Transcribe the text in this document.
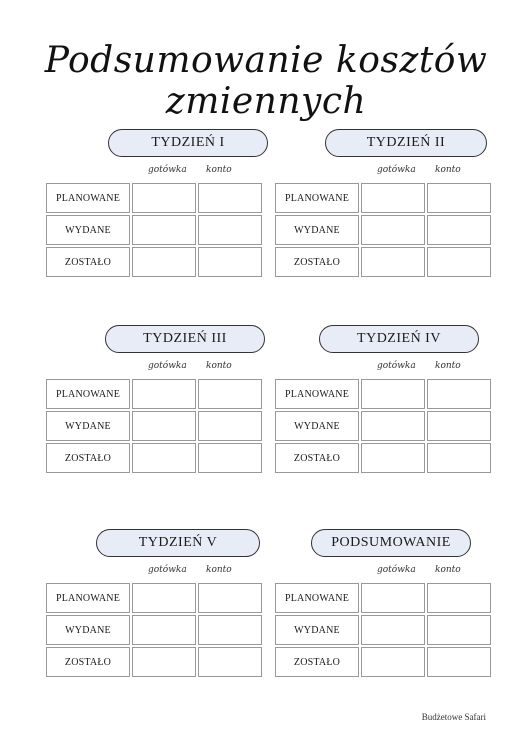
Podsumowanie kosztów zmiennych
TYDZIEŃ I
gotówka konto
PLANOWANE		
WYDANE		
ZOSTAŁO		
TYDZIEŃ II
gotówka konto
PLANOWANE		
WYDANE		
ZOSTAŁO		
TYDZIEŃ III
gotówka konto
PLANOWANE		
WYDANE		
ZOSTAŁO		
TYDZIEŃ IV
gotówka konto
PLANOWANE		
WYDANE		
ZOSTAŁO		
TYDZIEŃ V
gotówka konto
PLANOWANE		
WYDANE		
ZOSTAŁO		
PODSUMOWANIE
gotówka konto
PLANOWANE		
WYDANE		
ZOSTAŁO		
Budżetowe Safari
